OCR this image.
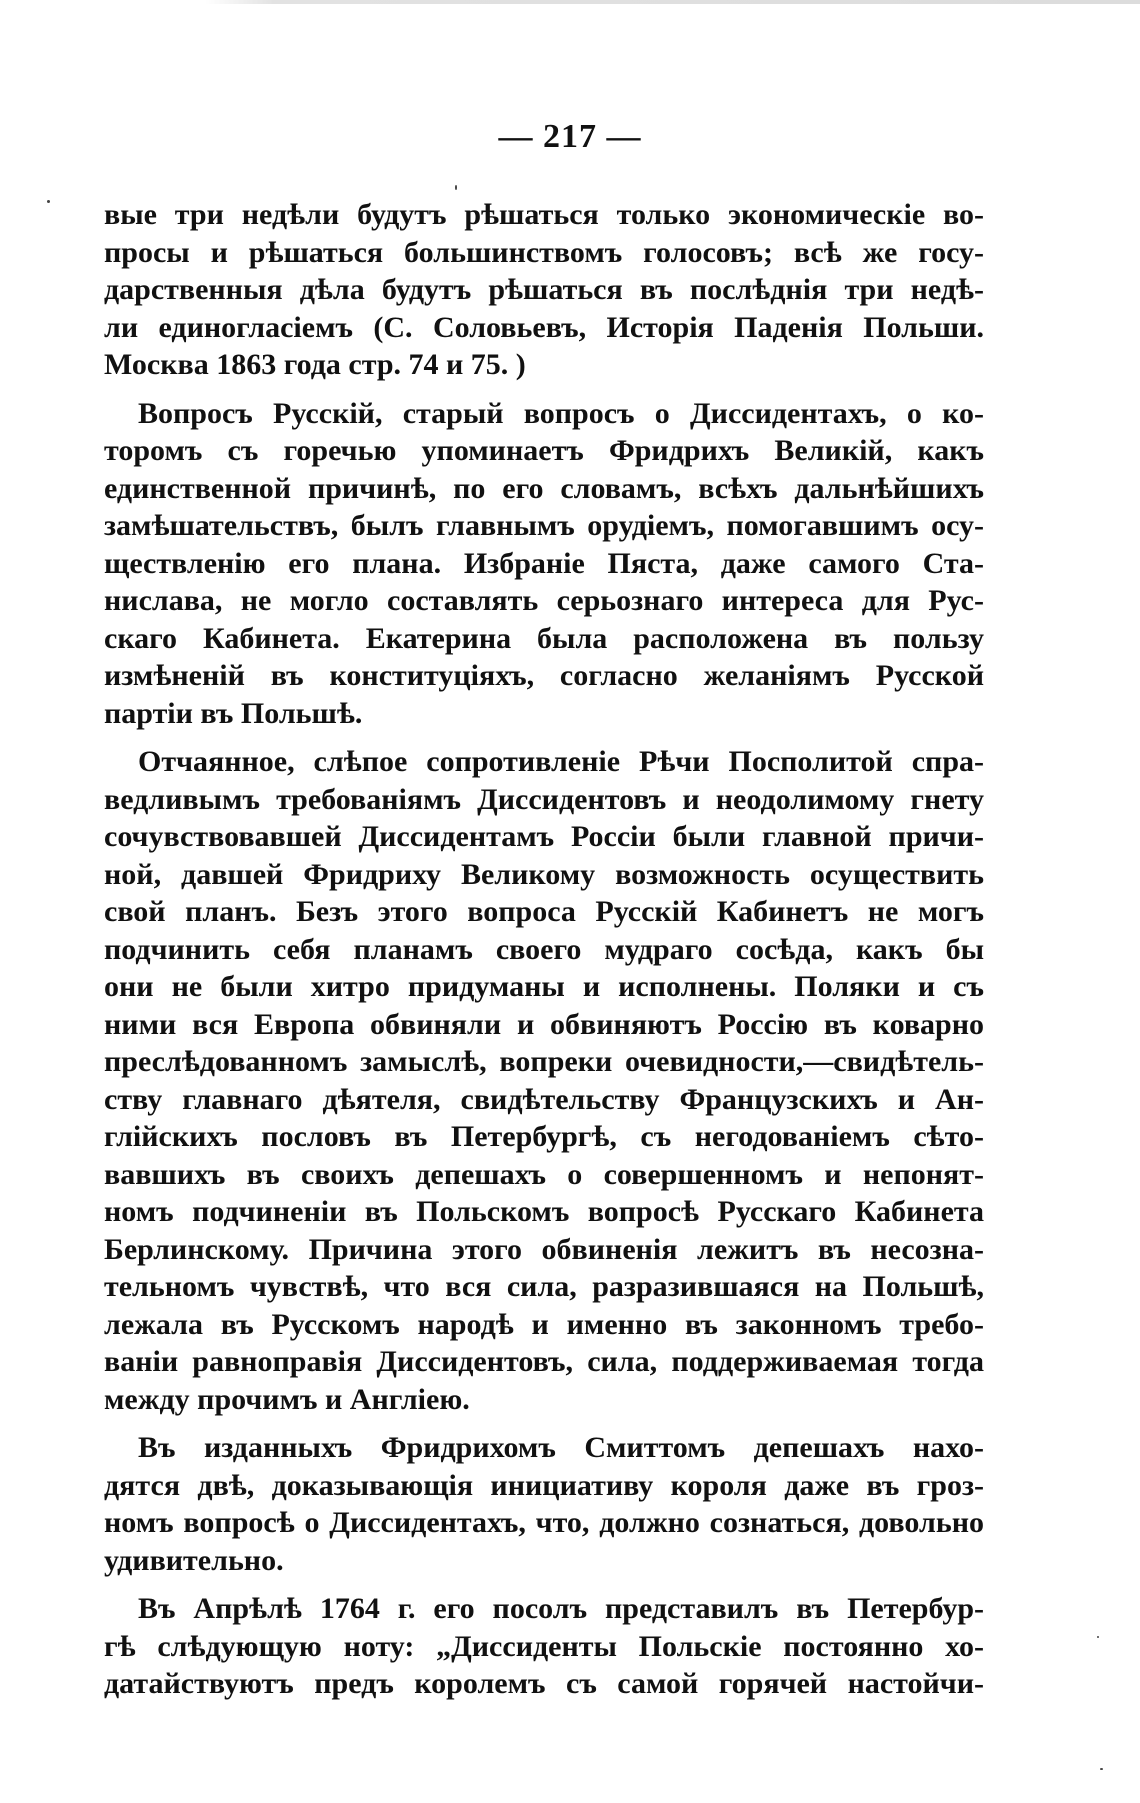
— 217 —
вые три недѣли будутъ рѣшаться только экономическіе во-
просы и рѣшаться большинствомъ голосовъ; всѣ же госу-
дарственныя дѣла будутъ рѣшаться въ послѣднія три недѣ-
ли единогласіемъ (С. Соловьевъ, Исторія Паденія Польши.
Москва 1863 года стр. 74 и 75. )
Вопросъ Русскій, старый вопросъ о Диссидентахъ, о ко-
торомъ съ горечью упоминаетъ Фридрихъ Великій, какъ
единственной причинѣ, по его словамъ, всѣхъ дальнѣйшихъ
замѣшательствъ, былъ главнымъ орудіемъ, помогавшимъ осу-
ществленію его плана. Избраніе Пяста, даже самого Ста-
нислава, не могло составлять серьознаго интереса для Рус-
скаго Кабинета. Екатерина была расположена въ пользу
измѣненій въ конституціяхъ, согласно желаніямъ Русской
партіи въ Польшѣ.
Отчаянное, слѣпое сопротивленіе Рѣчи Посполитой спра-
ведливымъ требованіямъ Диссидентовъ и неодолимому гнету
сочувствовавшей Диссидентамъ Россіи были главной причи-
ной, давшей Фридриху Великому возможность осуществить
свой планъ. Безъ этого вопроса Русскій Кабинетъ не могъ
подчинить себя планамъ своего мудраго сосѣда, какъ бы
они не были хитро придуманы и исполнены. Поляки и съ
ними вся Европа обвиняли и обвиняютъ Россію въ коварно
преслѣдованномъ замыслѣ, вопреки очевидности,—свидѣтель-
ству главнаго дѣятеля, свидѣтельству Французскихъ и Ан-
глійскихъ пословъ въ Петербургѣ, съ негодованіемъ сѣто-
вавшихъ въ своихъ депешахъ о совершенномъ и непонят-
номъ подчиненіи въ Польскомъ вопросѣ Русскаго Кабинета
Берлинскому. Причина этого обвиненія лежитъ въ несозна-
тельномъ чувствѣ, что вся сила, разразившаяся на Польшѣ,
лежала въ Русскомъ народѣ и именно въ законномъ требо-
ваніи равноправія Диссидентовъ, сила, поддерживаемая тогда
между прочимъ и Англіею.
Въ изданныхъ Фридрихомъ Смиттомъ депешахъ нахо-
дятся двѣ, доказывающія инициативу короля даже въ гроз-
номъ вопросѣ о Диссидентахъ, что, должно сознаться, довольно
удивительно.
Въ Апрѣлѣ 1764 г. его посолъ представилъ въ Петербур-
гѣ слѣдующую ноту: „Диссиденты Польскіе постоянно хо-
датайствуютъ предъ королемъ съ самой горячей настойчи-
